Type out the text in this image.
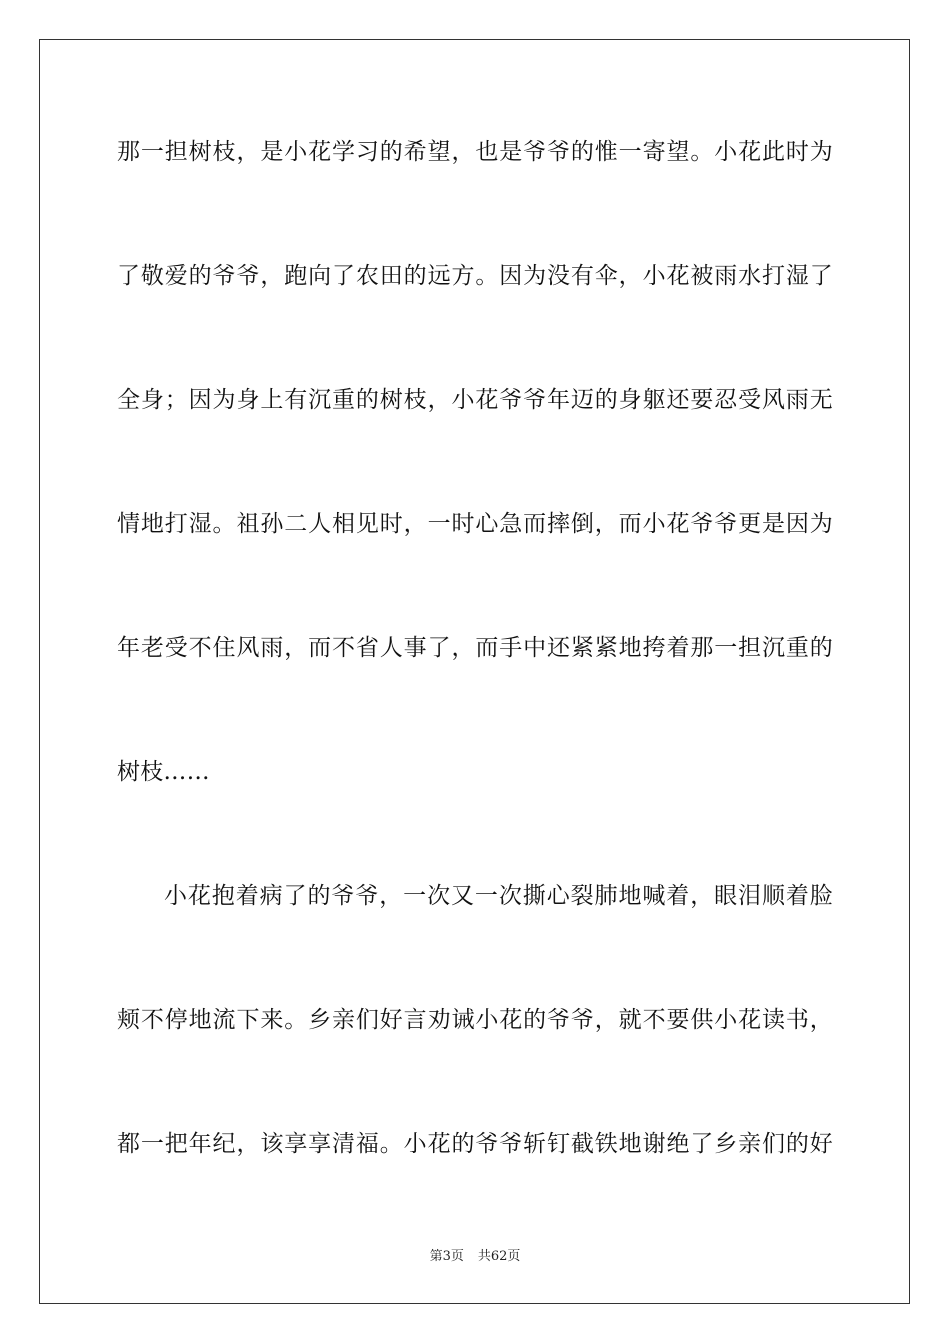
那一担树枝，是小花学习的希望，也是爷爷的惟一寄望。小花此时为
了敬爱的爷爷，跑向了农田的远方。因为没有伞，小花被雨水打湿了
全身；因为身上有沉重的树枝，小花爷爷年迈的身躯还要忍受风雨无
情地打湿。祖孙二人相见时，一时心急而摔倒，而小花爷爷更是因为
年老受不住风雨，而不省人事了，而手中还紧紧地挎着那一担沉重的
树枝……
小花抱着病了的爷爷，一次又一次撕心裂肺地喊着，眼泪顺着脸
颊不停地流下来。乡亲们好言劝诫小花的爷爷，就不要供小花读书，
都一把年纪，该享享清福。小花的爷爷斩钉截铁地谢绝了乡亲们的好
第3页 共62页
